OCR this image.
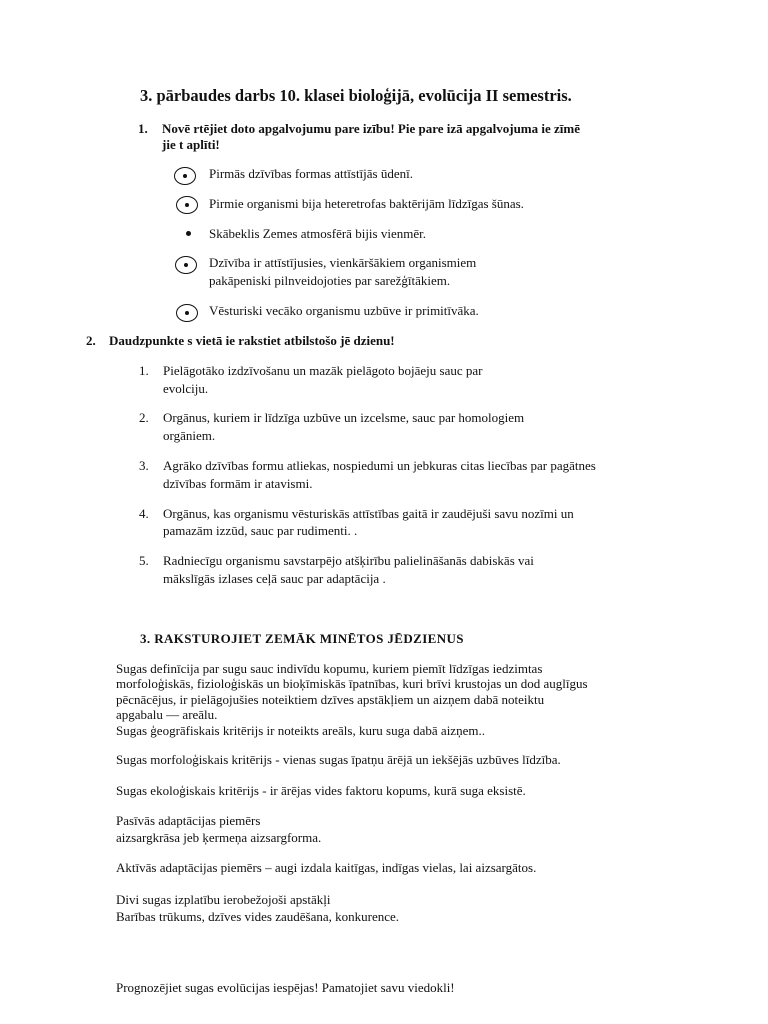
3. pārbaudes darbs 10. klasei bioloģijā, evolūcija II semestris.
1. Novē rtējiet doto apgalvojumu pare izību! Pie pare izā apgalvojuma ie zīmē
jie t aplīti!
Pirmās dzīvības formas attīstījās ūdenī.
Pirmie organismi bija heteretrofas baktērijām līdzīgas šūnas.
Skābeklis Zemes atmosfērā bijis vienmēr.
Dzīvība ir attīstījusies, vienkāršākiem organismiem
pakāpeniski pilnveidojoties par sarežģītākiem.
Vēsturiski vecāko organismu uzbūve ir primitīvāka.
2. Daudzpunkte s vietā ie rakstiet atbilstošo jē dzienu!
1. Pielāgotāko izdzīvošanu un mazāk pielāgoto bojāeju sauc par
evolciju.
2. Orgānus, kuriem ir līdzīga uzbūve un izcelsme, sauc par homologiem
orgāniem.
3. Agrāko dzīvības formu atliekas, nospiedumi un jebkuras citas liecības par pagātnes
dzīvības formām ir atavismi.
4. Orgānus, kas organismu vēsturiskās attīstības gaitā ir zaudējuši savu nozīmi un
pamazām izzūd, sauc par rudimenti. .
5. Radniecīgu organismu savstarpējo atšķirību palielināšanās dabiskās vai
mākslīgās izlases ceļā sauc par adaptācija .
3. RAKSTUROJIET ZEMĀK MINĒTOS JĒDZIENUS
Sugas definīcija par sugu sauc indivīdu kopumu, kuriem piemīt līdzīgas iedzimtas
morfoloģiskās, fizioloģiskās un bioķīmiskās īpatnības, kuri brīvi krustojas un dod auglīgus
pēcnācējus, ir pielāgojušies noteiktiem dzīves apstākļiem un aizņem dabā noteiktu
apgabalu — areālu.
Sugas ģeogrāfiskais kritērijs ir noteikts areāls, kuru suga dabā aizņem..
Sugas morfoloģiskais kritērijs - vienas sugas īpatņu ārējā un iekšējās uzbūves līdzība.
Sugas ekoloģiskais kritērijs - ir ārējas vides faktoru kopums, kurā suga eksistē.
Pasīvās adaptācijas piemērs
aizsargkrāsa jeb ķermeņa aizsargforma.
Aktīvās adaptācijas piemērs – augi izdala kaitīgas, indīgas vielas, lai aizsargātos.
Divi sugas izplatību ierobežojoši apstākļi
Barības trūkums, dzīves vides zaudēšana, konkurence.
Prognozējiet sugas evolūcijas iespējas! Pamatojiet savu viedokli!
